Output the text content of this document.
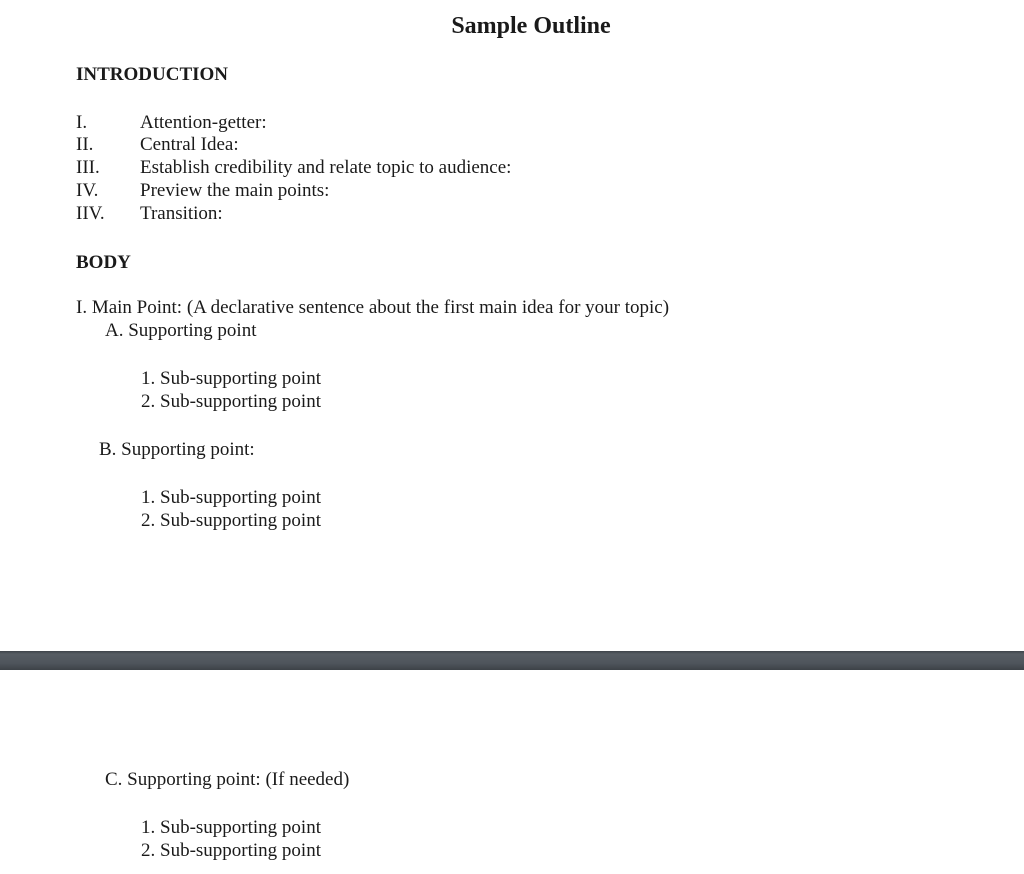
Sample Outline
INTRODUCTION
I.	Attention-getter:
II. Central Idea:
III. Establish credibility and relate topic to audience:
IV. Preview the main points:
IIV. Transition:
BODY
I. Main Point: (A declarative sentence about the first main idea for your topic)
A. Supporting point
1. Sub-supporting point
2. Sub-supporting point
B. Supporting point:
1. Sub-supporting point
2. Sub-supporting point
C. Supporting point: (If needed)
1. Sub-supporting point
2. Sub-supporting point
